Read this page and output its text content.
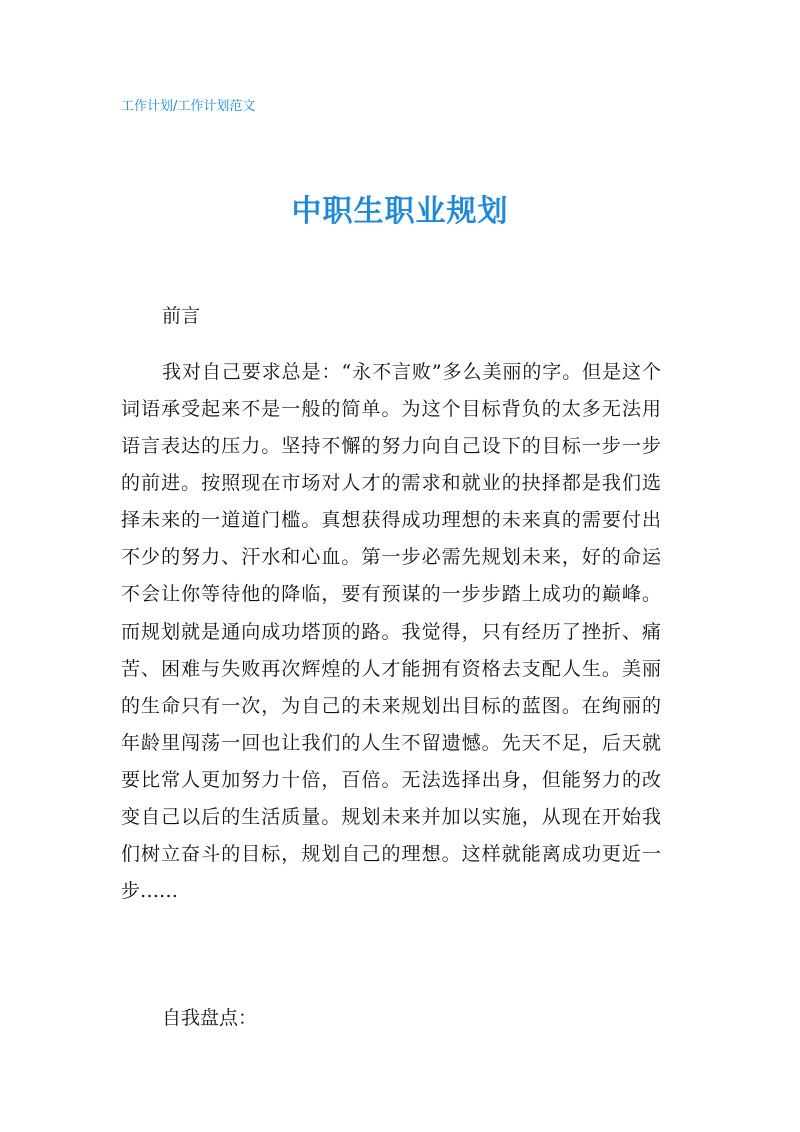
工作计划/工作计划范文
中职生职业规划
前言
我对自己要求总是：“永不言败”多么美丽的字。但是这个
词语承受起来不是一般的简单。为这个目标背负的太多无法用
语言表达的压力。坚持不懈的努力向自己设下的目标一步一步
的前进。按照现在市场对人才的需求和就业的抉择都是我们选
择未来的一道道门槛。真想获得成功理想的未来真的需要付出
不少的努力、汗水和心血。第一步必需先规划未来，好的命运
不会让你等待他的降临，要有预谋的一步步踏上成功的巅峰。
而规划就是通向成功塔顶的路。我觉得，只有经历了挫折、痛
苦、困难与失败再次辉煌的人才能拥有资格去支配人生。美丽
的生命只有一次，为自己的未来规划出目标的蓝图。在绚丽的
年龄里闯荡一回也让我们的人生不留遗憾。先天不足，后天就
要比常人更加努力十倍，百倍。无法选择出身，但能努力的改
变自己以后的生活质量。规划未来并加以实施，从现在开始我
们树立奋斗的目标，规划自己的理想。这样就能离成功更近一
步……
自我盘点：
